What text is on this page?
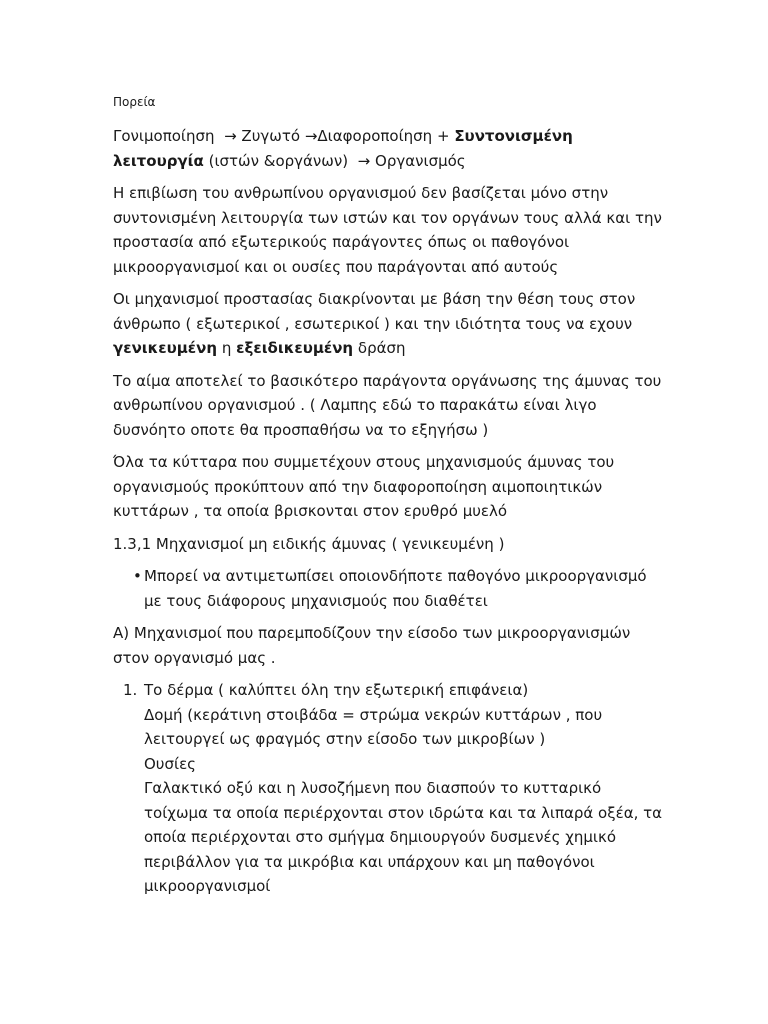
Πορεία

Γονιμοποίηση → Ζυγωτό →Διαφοροποίηση + Συντονισμένη λειτουργία (ιστών &οργάνων) → Οργανισμός

Η επιβίωση του ανθρωπίνου οργανισμού δεν βασίζεται μόνο στην συντονισμένη λειτουργία των ιστών και τον οργάνων τους αλλά και την προστασία από εξωτερικούς παράγοντες όπως οι παθογόνοι μικροοργανισμοί και οι ουσίες που παράγονται από αυτούς

Οι μηχανισμοί προστασίας διακρίνονται με βάση την θέση τους στον άνθρωπο ( εξωτερικοί , εσωτερικοί ) και την ιδιότητα τους να εχουν γενικευμένη η εξειδικευμένη δράση

Το αίμα αποτελεί το βασικότερο παράγοντα οργάνωσης της άμυνας του ανθρωπίνου οργανισμού . ( Λαμπης εδώ το παρακάτω είναι λιγο δυσνόητο οποτε θα προσπαθήσω να το εξηγήσω )

Όλα τα κύτταρα που συμμετέχουν στους μηχανισμούς άμυνας του οργανισμούς προκύπτουν από την διαφοροποίηση αιμοποιητικών κυττάρων , τα οποία βρισκονται στον ερυθρό μυελό

1.3,1 Μηχανισμοί μη ειδικής άμυνας ( γενικευμένη )

• Μπορεί να αντιμετωπίσει οποιονδήποτε παθογόνο μικροοργανισμό με τους διάφορους μηχανισμούς που διαθέτει

Α) Μηχανισμοί που παρεμποδίζουν την είσοδο των μικροοργανισμών στον οργανισμό μας .

1. Το δέρμα ( καλύπτει όλη την εξωτερική επιφάνεια)
Δομή (κεράτινη στοιβάδα = στρώμα νεκρών κυττάρων , που λειτουργεί ως φραγμός στην είσοδο των μικροβίων )
Ουσίες
Γαλακτικό οξύ και η λυσοζήμενη που διασπούν το κυτταρικό τοίχωμα τα οποία περιέρχονται στον ιδρώτα και τα λιπαρά οξέα, τα οποία περιέρχονται στο σμήγμα δημιουργούν δυσμενές χημικό περιβάλλον για τα μικρόβια και υπάρχουν και μη παθογόνοι μικροοργανισμοί
